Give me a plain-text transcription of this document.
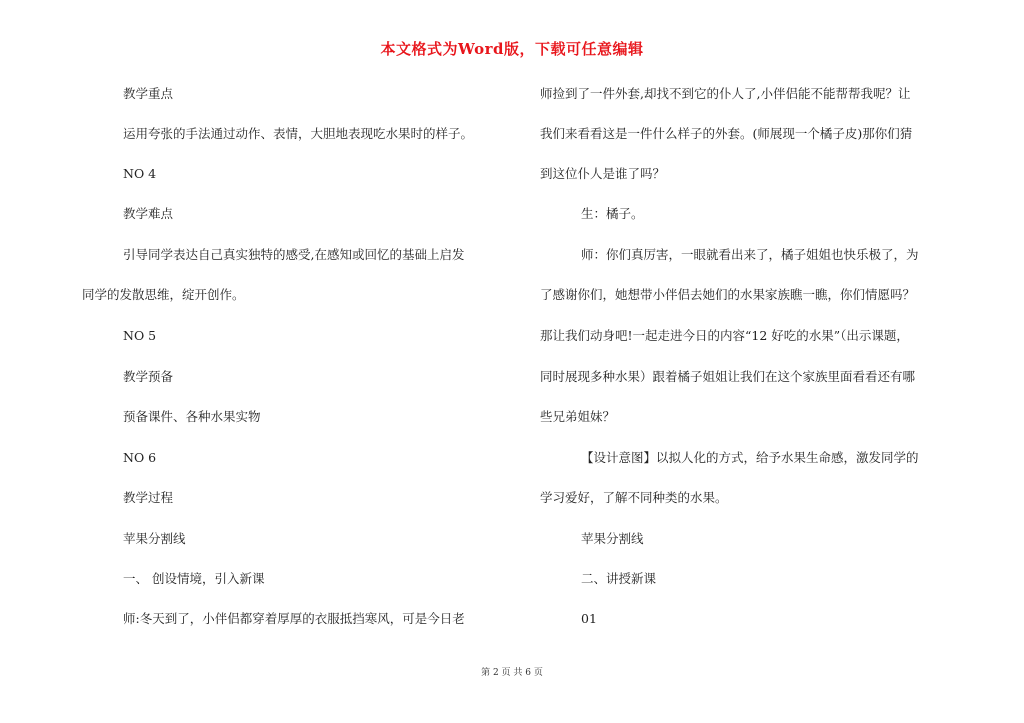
本文格式为Word版，下载可任意编辑
教学重点
运用夸张的手法通过动作、表情，大胆地表现吃水果时的样子。
NO 4
教学难点
引导同学表达自己真实独特的感受,在感知或回忆的基础上启发
同学的发散思维，绽开创作。
NO 5
教学预备
预备课件、各种水果实物
NO 6
教学过程
苹果分割线
一、 创设情境，引入新课
师:冬天到了，小伴侣都穿着厚厚的衣服抵挡寒风，可是今日老
师捡到了一件外套,却找不到它的仆人了,小伴侣能不能帮帮我呢？让
我们来看看这是一件什么样子的外套。(师展现一个橘子皮)那你们猜
到这位仆人是谁了吗？
生：橘子。
师：你们真厉害，一眼就看出来了，橘子姐姐也快乐极了，为
了感谢你们，她想带小伴侣去她们的水果家族瞧一瞧，你们情愿吗？
那让我们动身吧!一起走进今日的内容“12 好吃的水果”（出示课题，
同时展现多种水果）跟着橘子姐姐让我们在这个家族里面看看还有哪
些兄弟姐妹？
【设计意图】以拟人化的方式，给予水果生命感，激发同学的
学习爱好，了解不同种类的水果。
苹果分割线
二、讲授新课
01
第 2 页 共 6 页
